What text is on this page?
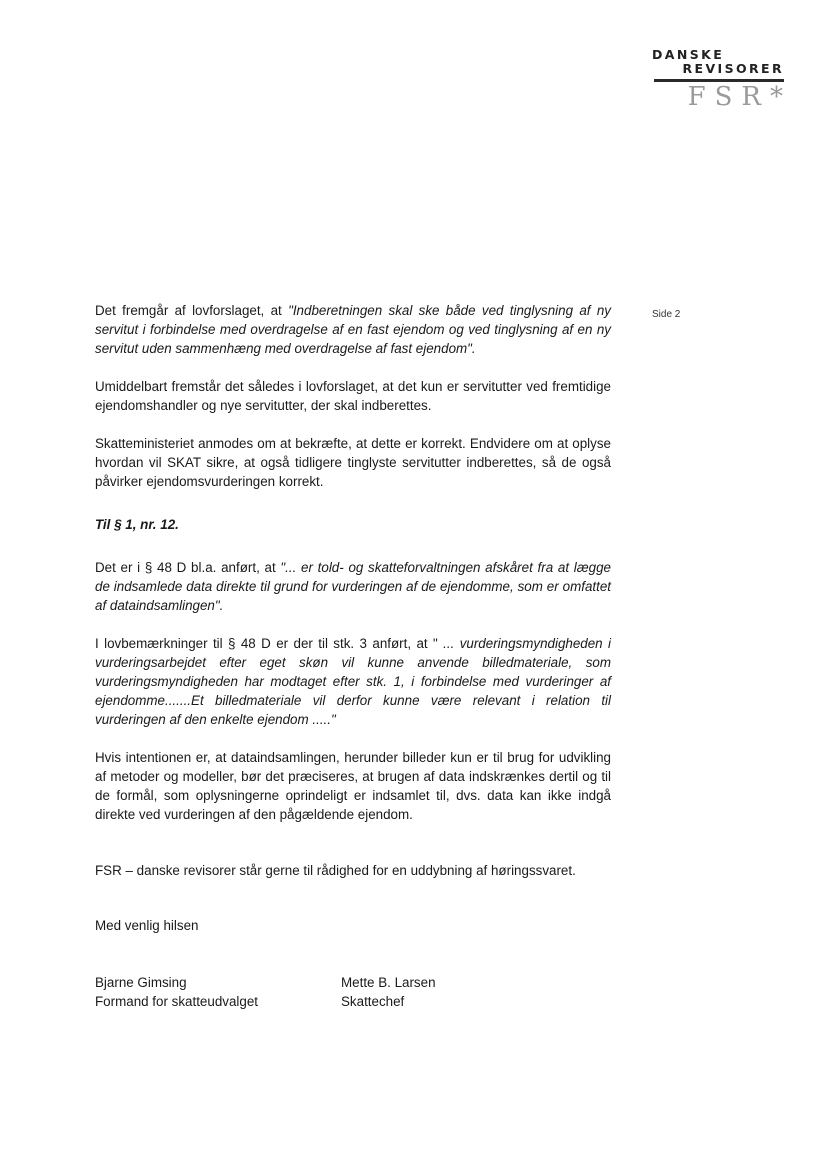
DANSKE
REVISORER
FSR*
Side 2

Det fremgår af lovforslaget, at "Indberetningen skal ske både ved tinglysning af ny servitut i forbindelse med overdragelse af en fast ejendom og ved tinglysning af en ny servitut uden sammenhæng med overdragelse af fast ejendom".

Umiddelbart fremstår det således i lovforslaget, at det kun er servitutter ved fremtidige ejendomshandler og nye servitutter, der skal indberettes.

Skatteministeriet anmodes om at bekræfte, at dette er korrekt. Endvidere om at oplyse hvordan vil SKAT sikre, at også tidligere tinglyste servitutter indberettes, så de også påvirker ejendomsvurderingen korrekt.

Til § 1, nr. 12.

Det er i § 48 D bl.a. anført, at "... er told- og skatteforvaltningen afskåret fra at lægge de indsamlede data direkte til grund for vurderingen af de ejendomme, som er omfattet af dataindsamlingen".

I lovbemærkninger til § 48 D er der til stk. 3 anført, at " ... vurderingsmyndigheden i vurderingsarbejdet efter eget skøn vil kunne anvende billedmateriale, som vurderingsmyndigheden har modtaget efter stk. 1, i forbindelse med vurderinger af ejendomme.......Et billedmateriale vil derfor kunne være relevant i relation til vurderingen af den enkelte ejendom ....."

Hvis intentionen er, at dataindsamlingen, herunder billeder kun er til brug for udvikling af metoder og modeller, bør det præciseres, at brugen af data indskrænkes dertil og til de formål, som oplysningerne oprindeligt er indsamlet til, dvs. data kan ikke indgå direkte ved vurderingen af den pågældende ejendom.

FSR – danske revisorer står gerne til rådighed for en uddybning af høringssvaret.

Med venlig hilsen

Bjarne Gimsing
Formand for skatteudvalget
Mette B. Larsen
Skattechef
